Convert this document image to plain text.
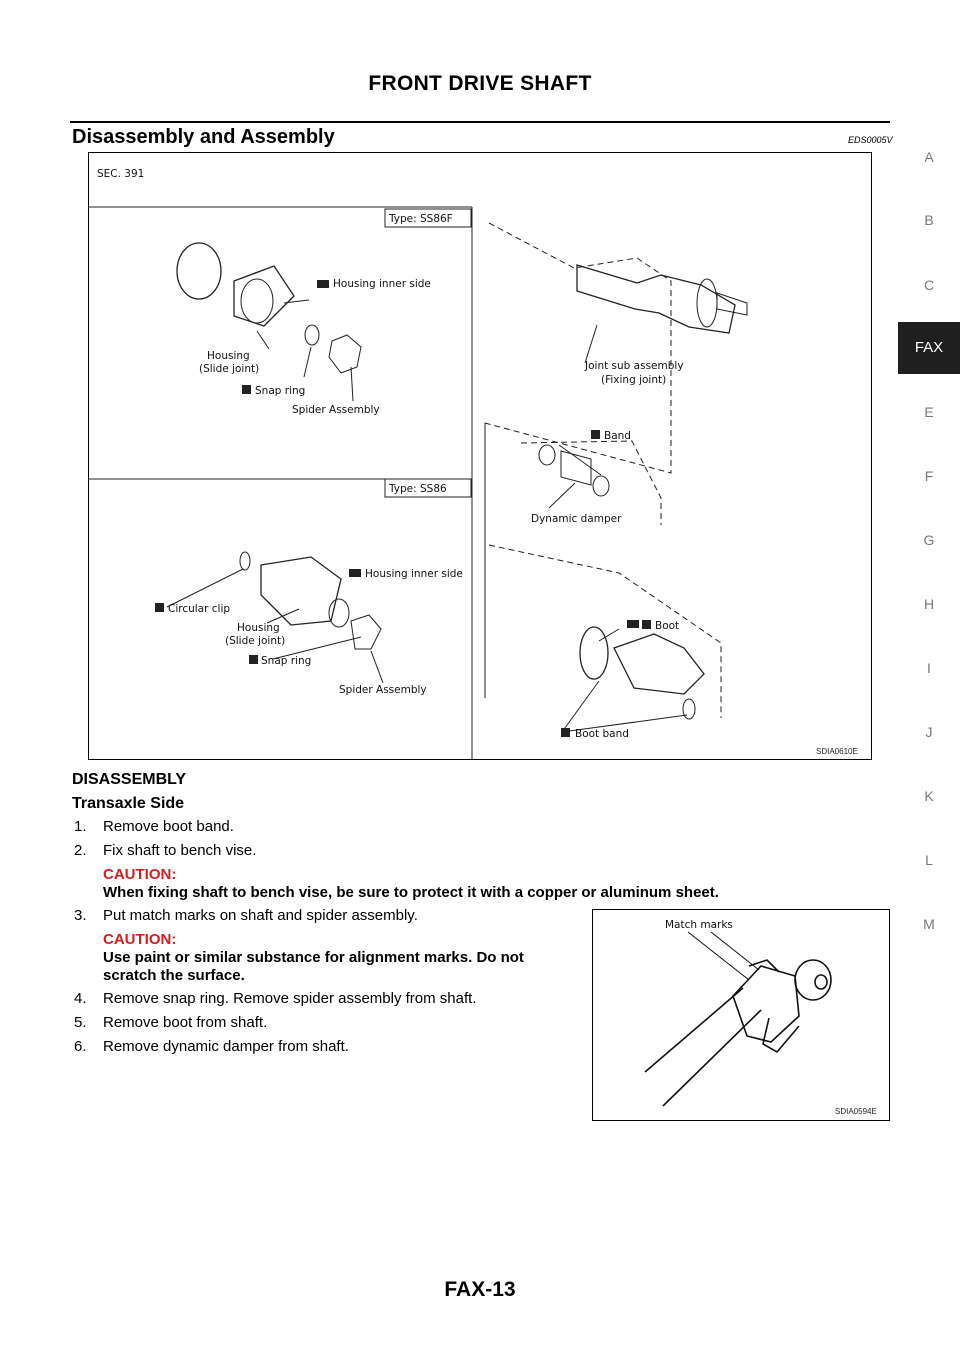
FRONT DRIVE SHAFT
Disassembly and Assembly	EDS0005V
A
B
C
FAX
E
F
G
H
I
J
K
L
M
SEC. 391
Type: SS86F
Type: SS86
Housing inner side
Housing
(Slide joint)
Snap ring
Spider Assembly
Joint sub assembly
(Fixing joint)
Band
Dynamic damper
Housing inner side
Circular clip
Housing
(Slide joint)
Snap ring
Spider Assembly
Boot
Boot band
SDIA0610E
DISASSEMBLY
Transaxle Side
1. Remove boot band.
2. Fix shaft to bench vise.
CAUTION:
When fixing shaft to bench vise, be sure to protect it with a copper or aluminum sheet.
3. Put match marks on shaft and spider assembly.
CAUTION:
Use paint or similar substance for alignment marks. Do not
scratch the surface.
4. Remove snap ring. Remove spider assembly from shaft.
5. Remove boot from shaft.
6. Remove dynamic damper from shaft.
Match marks
SDIA0594E
FAX-13
